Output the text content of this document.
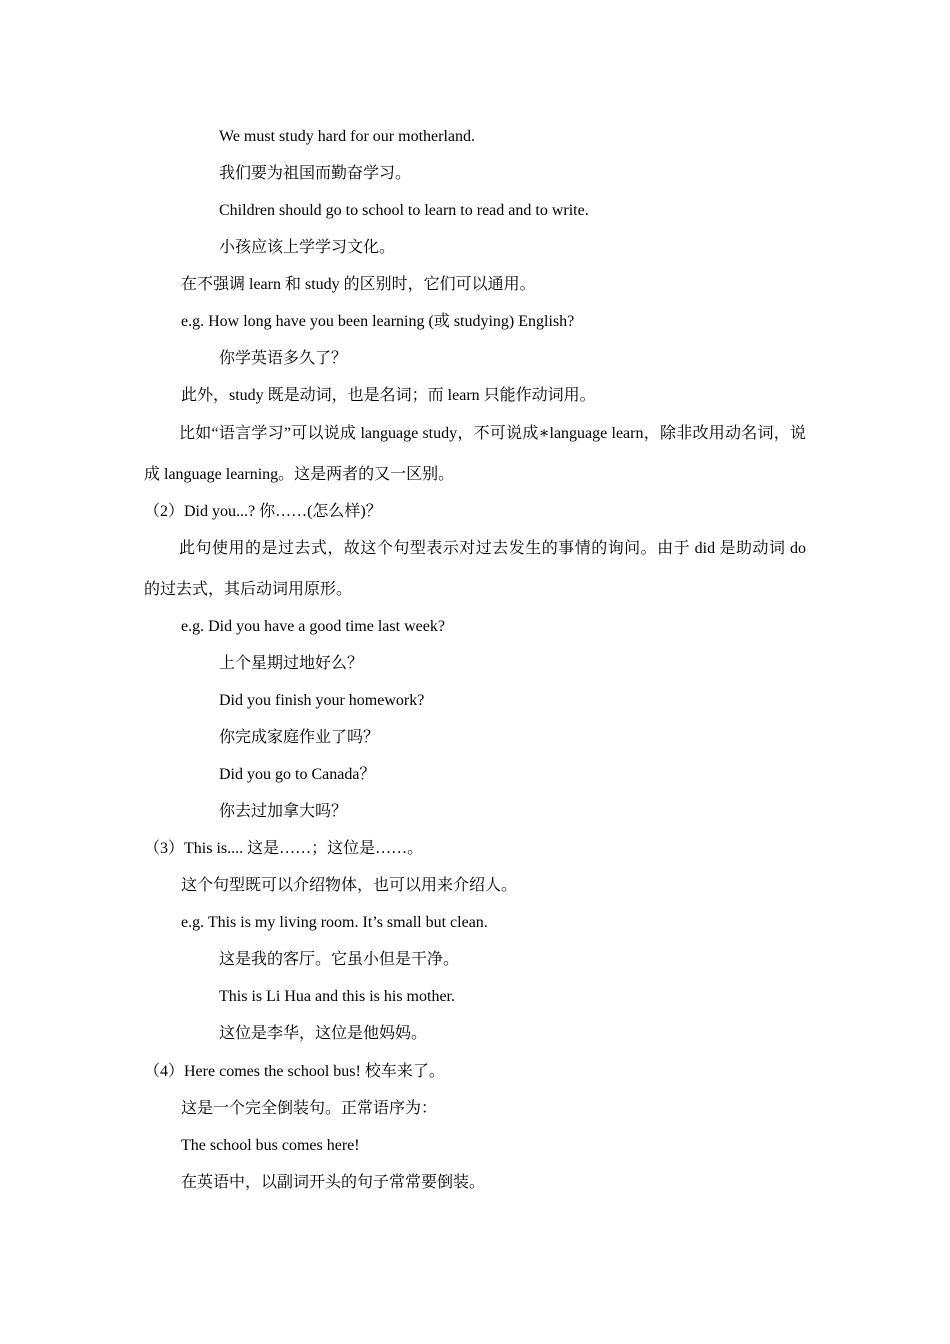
We must study hard for our motherland.
我们要为祖国而勤奋学习。
Children should go to school to learn to read and to write.
小孩应该上学学习文化。
在不强调 learn 和 study 的区别时，它们可以通用。
e.g. How long have you been learning (或 studying) English?
你学英语多久了？
此外，study 既是动词，也是名词；而 learn 只能作动词用。
比如“语言学习”可以说成 language study，不可说成∗language learn，除非改用动名词，说成 language learning。这是两者的又一区别。
（2）Did you...? 你……(怎么样)？
此句使用的是过去式，故这个句型表示对过去发生的事情的询问。由于 did 是助动词 do 的过去式，其后动词用原形。
e.g. Did you have a good time last week?
上个星期过地好么？
Did you finish your homework?
你完成家庭作业了吗？
Did you go to Canada？
你去过加拿大吗？
（3）This is.... 这是……；这位是……。
这个句型既可以介绍物体，也可以用来介绍人。
e.g. This is my living room. It’s small but clean.
这是我的客厅。它虽小但是干净。
This is Li Hua and this is his mother.
这位是李华，这位是他妈妈。
（4）Here comes the school bus! 校车来了。
这是一个完全倒装句。正常语序为：
The school bus comes here!
在英语中，以副词开头的句子常常要倒装。
